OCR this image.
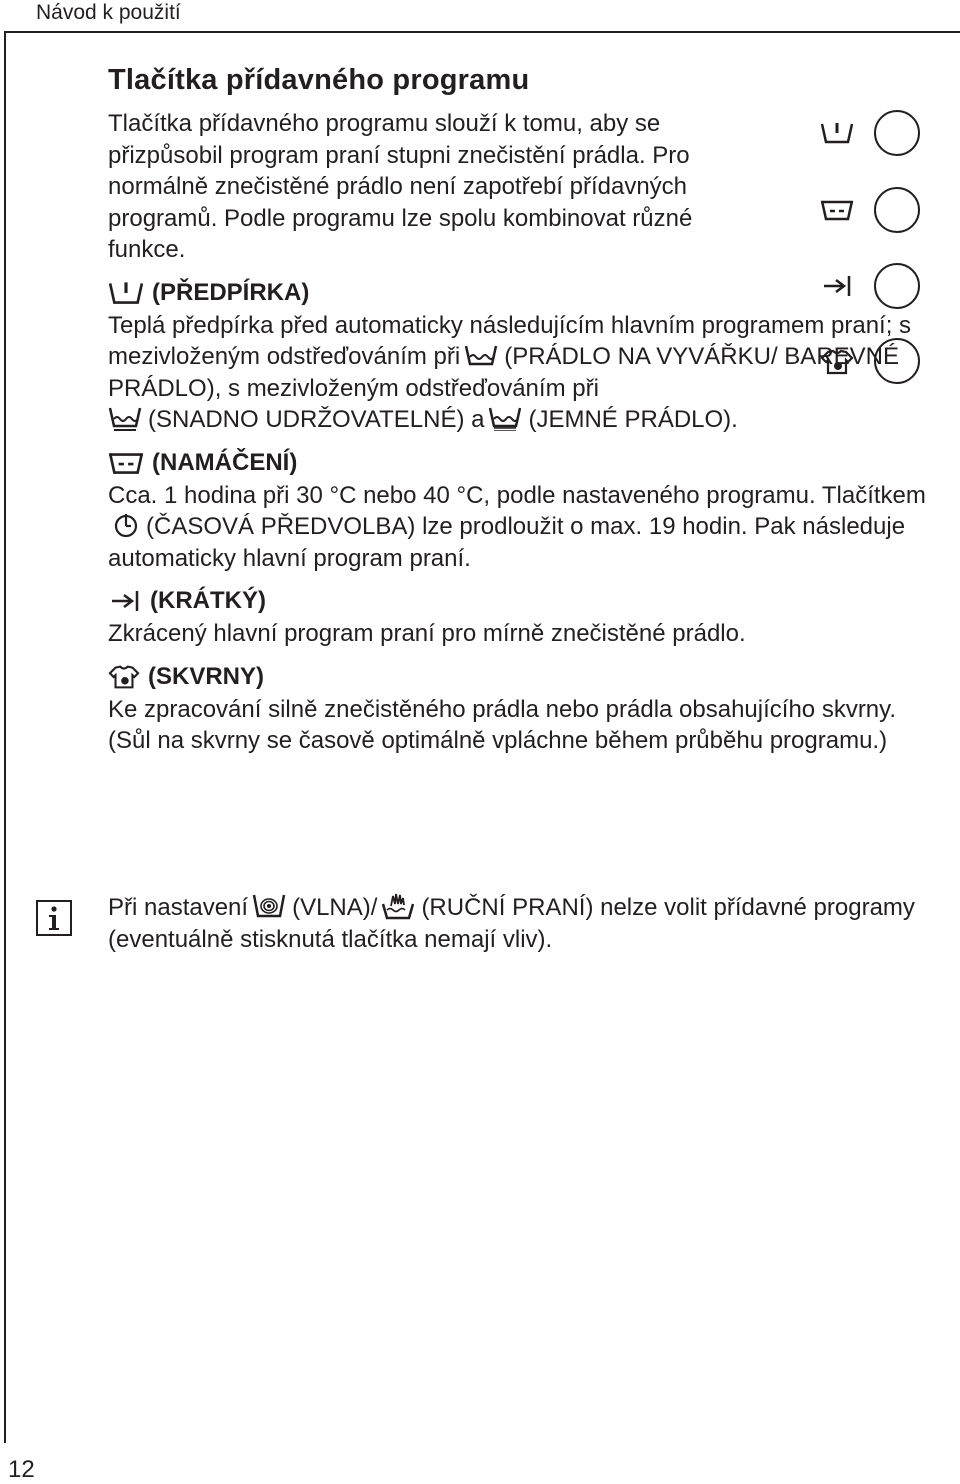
Návod k použití
12
Tlačítka přídavného programu

Tlačítka přídavného programu slouží k tomu, aby se přizpůsobil program praní stupni znečistění prádla. Pro normálně znečistěné prádlo není zapotřebí přídavných programů. Podle programu lze spolu kombinovat různé funkce.

(PŘEDPÍRKA)

Teplá předpírka před automaticky následujícím hlavním programem praní; s mezivloženým odstřeďováním při (PRÁDLO NA VYVÁŘKU/ BAREVNÉ PRÁDLO), s mezivloženým odstřeďováním při

(SNADNO UDRŽOVATELNÉ) a (JEMNÉ PRÁDLO).

(NAMÁČENÍ)

Cca. 1 hodina při 30 °C nebo 40 °C, podle nastaveného programu. Tlačítkem
(ČASOVÁ PŘEDVOLBA) lze prodloužit o max. 19 hodin. Pak následuje automaticky hlavní program praní.

(KRÁTKÝ)

Zkrácený hlavní program praní pro mírně znečistěné prádlo.

(SKVRNY)

Ke zpracování silně znečistěného prádla nebo prádla obsahujícího skvrny. (Sůl na skvrny se časově optimálně vpláchne během průběhu programu.)

Při nastavení (VLNA)/ (RUČNÍ PRANÍ) nelze volit přídavné programy (eventuálně stisknutá tlačítka nemají vliv).
